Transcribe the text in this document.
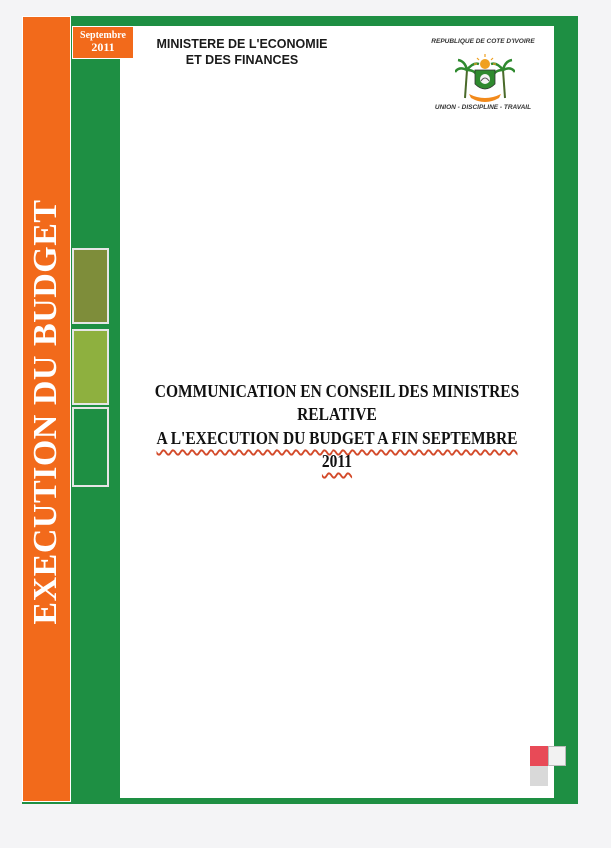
EXECUTION DU BUDGET
Septembre
2011	MINISTERE DE L'ECONOMIE
ET DES FINANCES
REPUBLIQUE DE COTE D'IVOIRE
UNION - DISCIPLINE - TRAVAIL
COMMUNICATION EN CONSEIL DES MINISTRES
RELATIVE
A L'EXECUTION DU BUDGET A FIN SEPTEMBRE 2011
